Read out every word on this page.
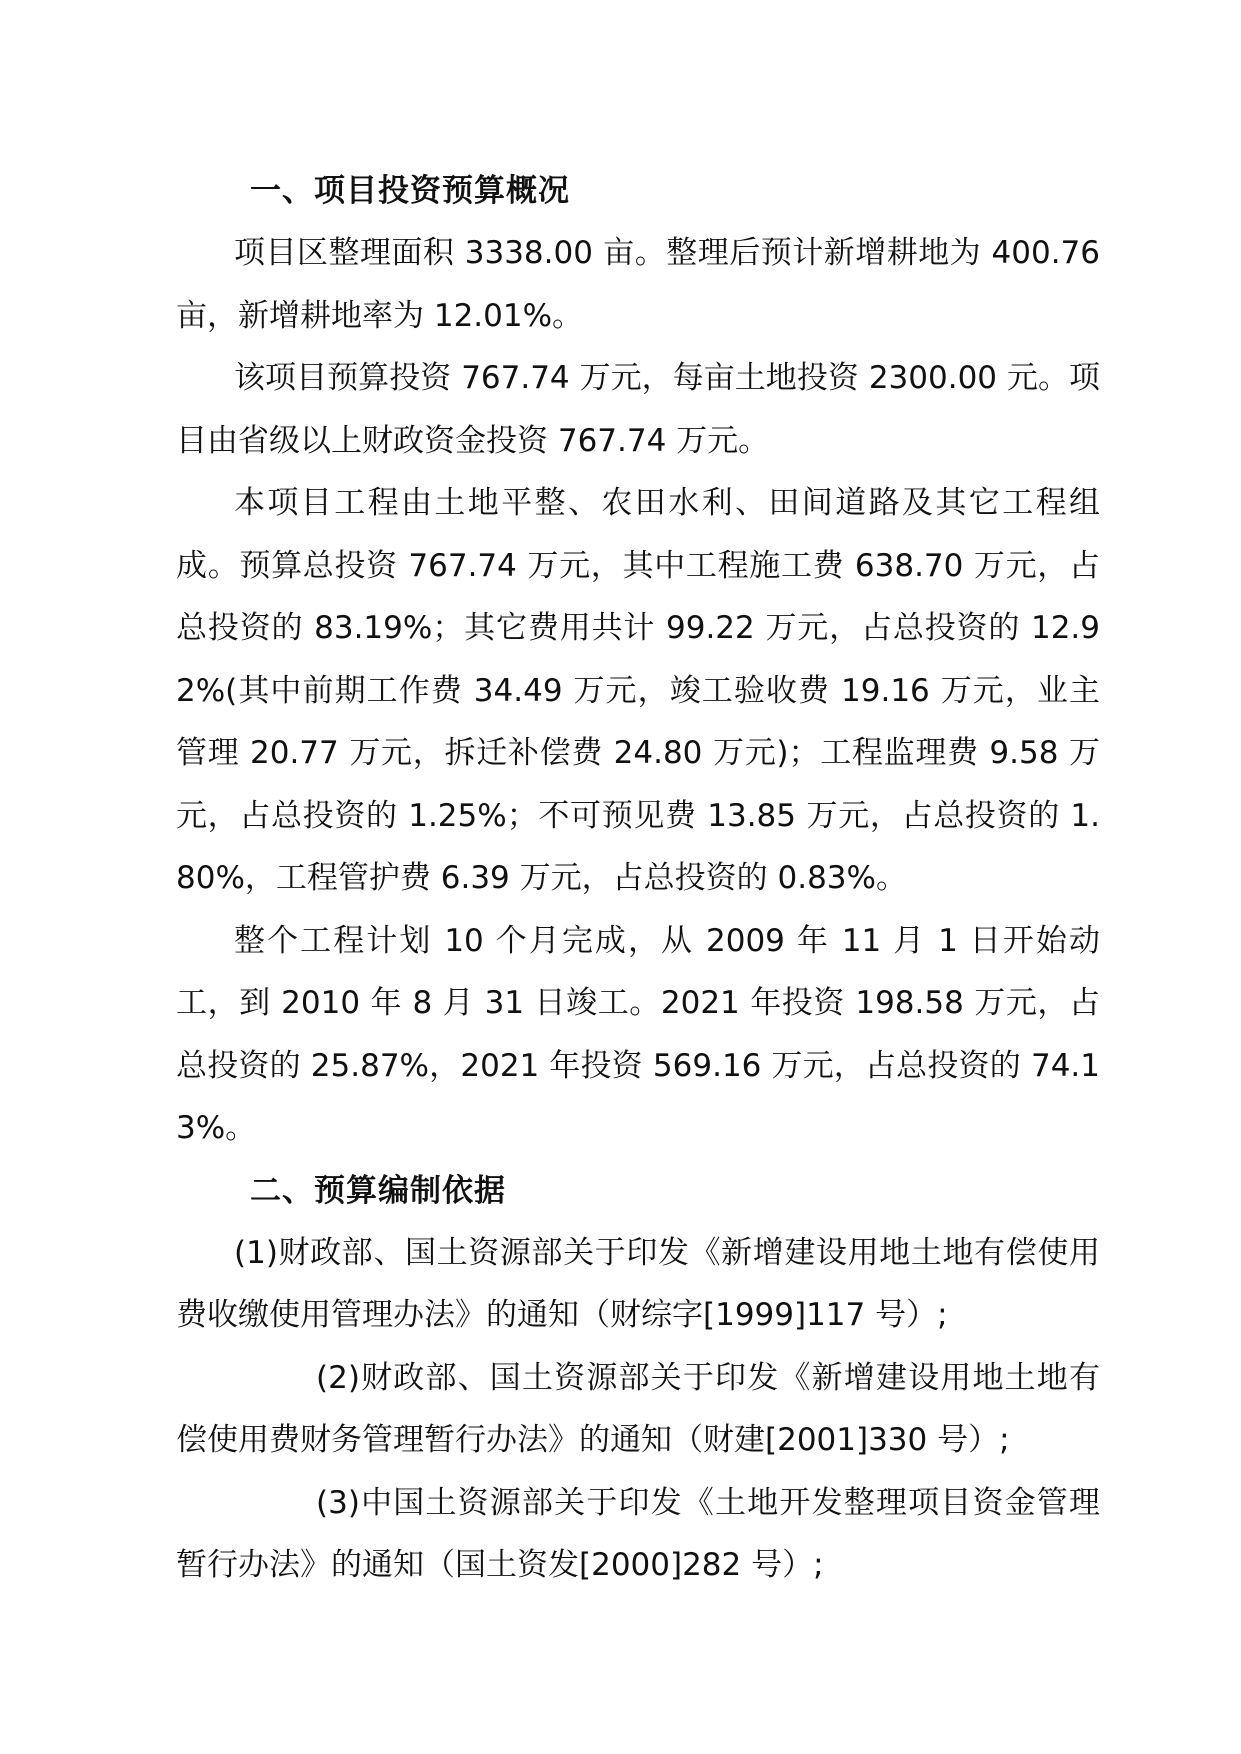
一、项目投资预算概况

项目区整理面积 3338.00 亩。整理后预计新增耕地为 400.76 亩，新增耕地率为 12.01%。

该项目预算投资 767.74 万元，每亩土地投资 2300.00 元。项目由省级以上财政资金投资 767.74 万元。

本项目工程由土地平整、农田水利、田间道路及其它工程组成。预算总投资 767.74 万元，其中工程施工费 638.70 万元，占总投资的 83.19%；其它费用共计 99.22 万元，占总投资的 12.92%(其中前期工作费 34.49 万元，竣工验收费 19.16 万元，业主管理 20.77 万元，拆迁补偿费 24.80 万元)；工程监理费 9.58 万元，占总投资的 1.25%；不可预见费 13.85 万元，占总投资的 1.80%，工程管护费 6.39 万元，占总投资的 0.83%。

整个工程计划 10 个月完成，从 2009 年 11 月 1 日开始动工，到 2010 年 8 月 31 日竣工。2021 年投资 198.58 万元，占总投资的 25.87%，2021 年投资 569.16 万元，占总投资的 74.13%。

二、预算编制依据

(1)财政部、国土资源部关于印发《新增建设用地土地有偿使用费收缴使用管理办法》的通知（财综字[1999]117 号）;

(2)财政部、国土资源部关于印发《新增建设用地土地有偿使用费财务管理暂行办法》的通知（财建[2001]330 号）;

(3)中国土资源部关于印发《土地开发整理项目资金管理暂行办法》的通知（国土资发[2000]282 号）;
